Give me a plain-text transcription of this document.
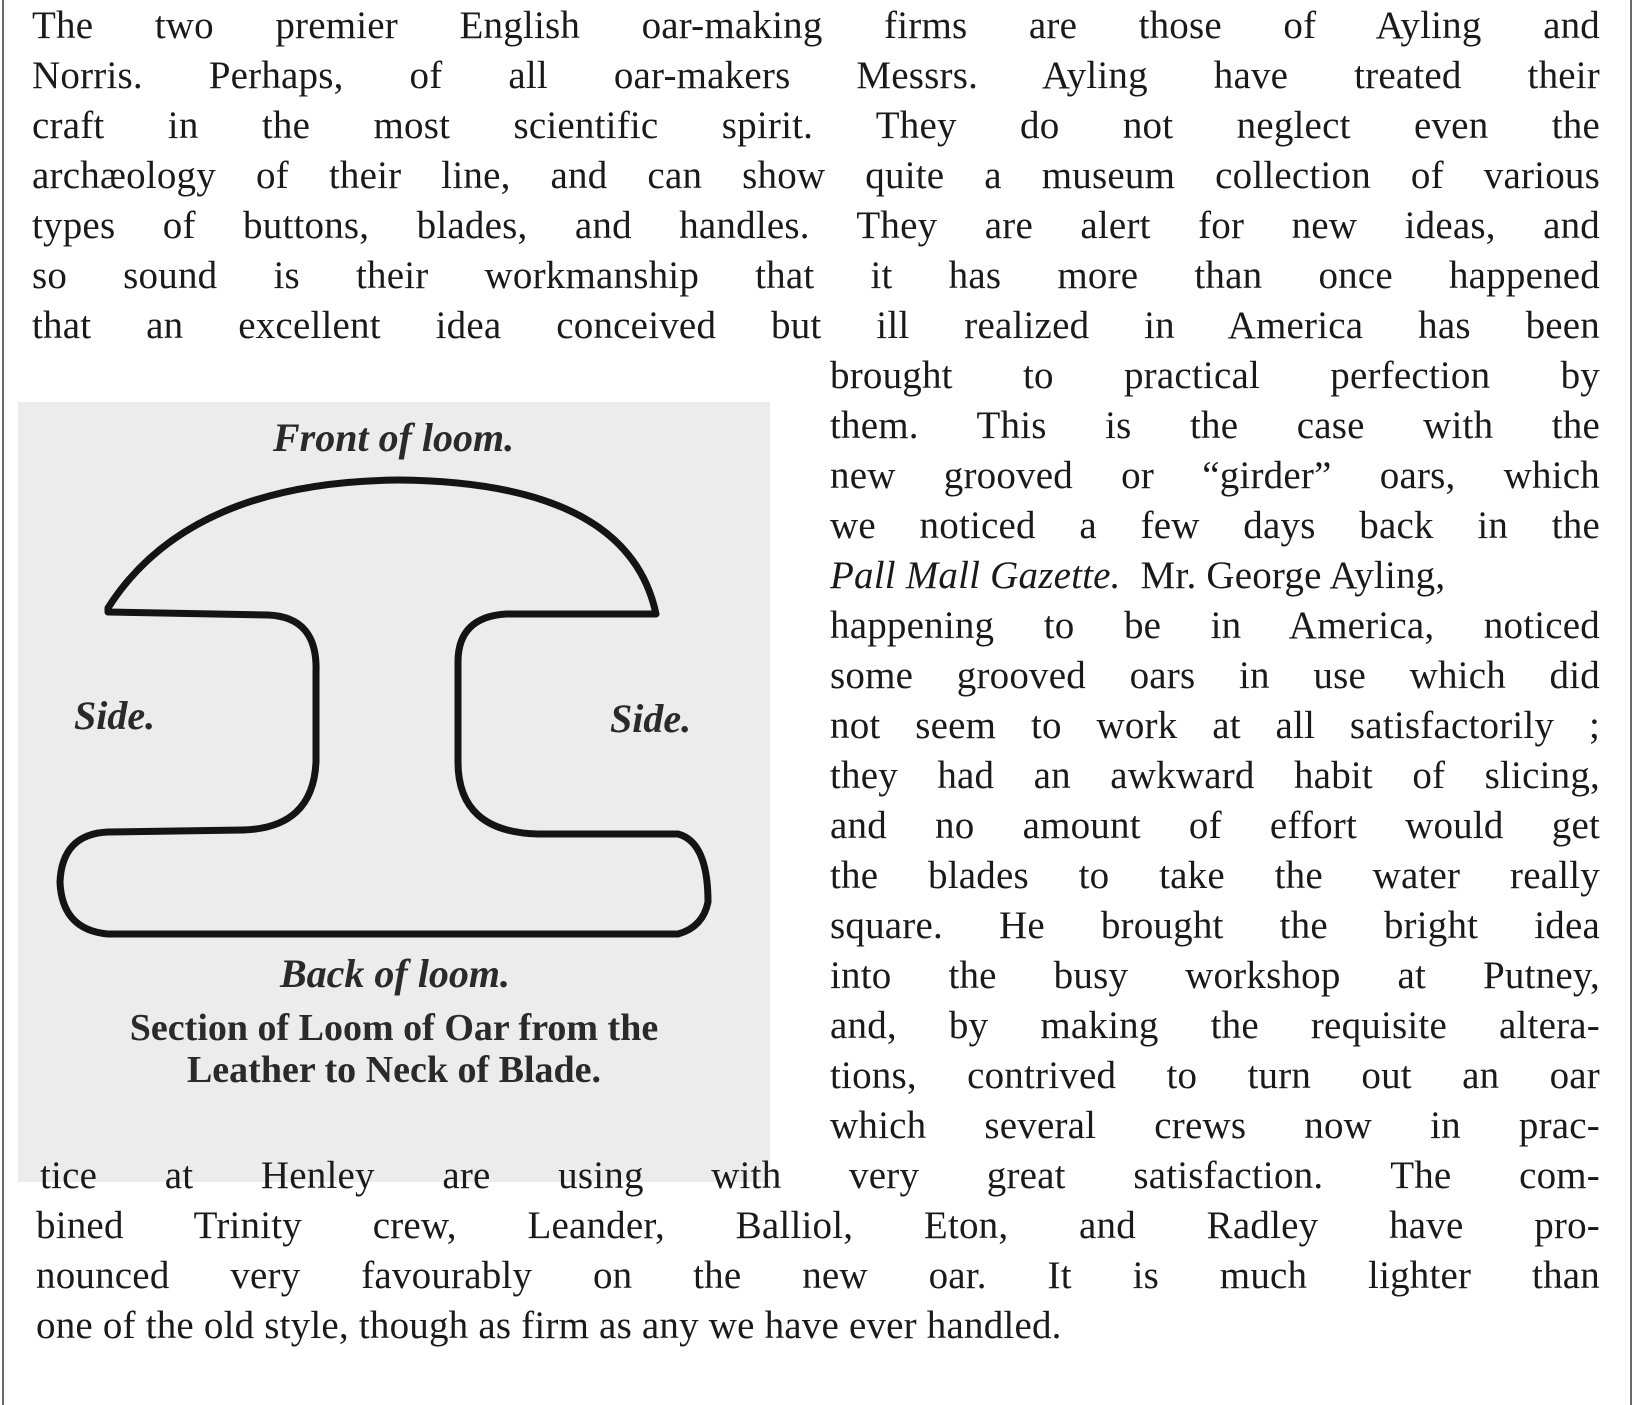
The two premier English oar-making firms are those of Ayling and
Norris. Perhaps, of all oar-makers Messrs. Ayling have treated their
craft in the most scientific spirit. They do not neglect even the
archæology of their line, and can show quite a museum collection of various
types of buttons, blades, and handles. They are alert for new ideas, and
so sound is their workmanship that it has more than once happened
that an excellent idea conceived but ill realized in America has been
Front of loom.
Side.	Side.
Back of loom.
Section of Loom of Oar from the
Leather to Neck of Blade.
brought to practical perfection by
them. This is the case with the
new grooved or “girder” oars, which
we noticed a few days back in the
Pall Mall Gazette. Mr. George Ayling,
happening to be in America, noticed
some grooved oars in use which did
not seem to work at all satisfactorily ;
they had an awkward habit of slicing,
and no amount of effort would get
the blades to take the water really
square. He brought the bright idea
into the busy workshop at Putney,
and, by making the requisite altera-
tions, contrived to turn out an oar
which several crews now in prac-
tice at Henley are using with very great satisfaction. The com-
bined Trinity crew, Leander, Balliol, Eton, and Radley have pro-
nounced very favourably on the new oar. It is much lighter than
one of the old style, though as firm as any we have ever handled.
